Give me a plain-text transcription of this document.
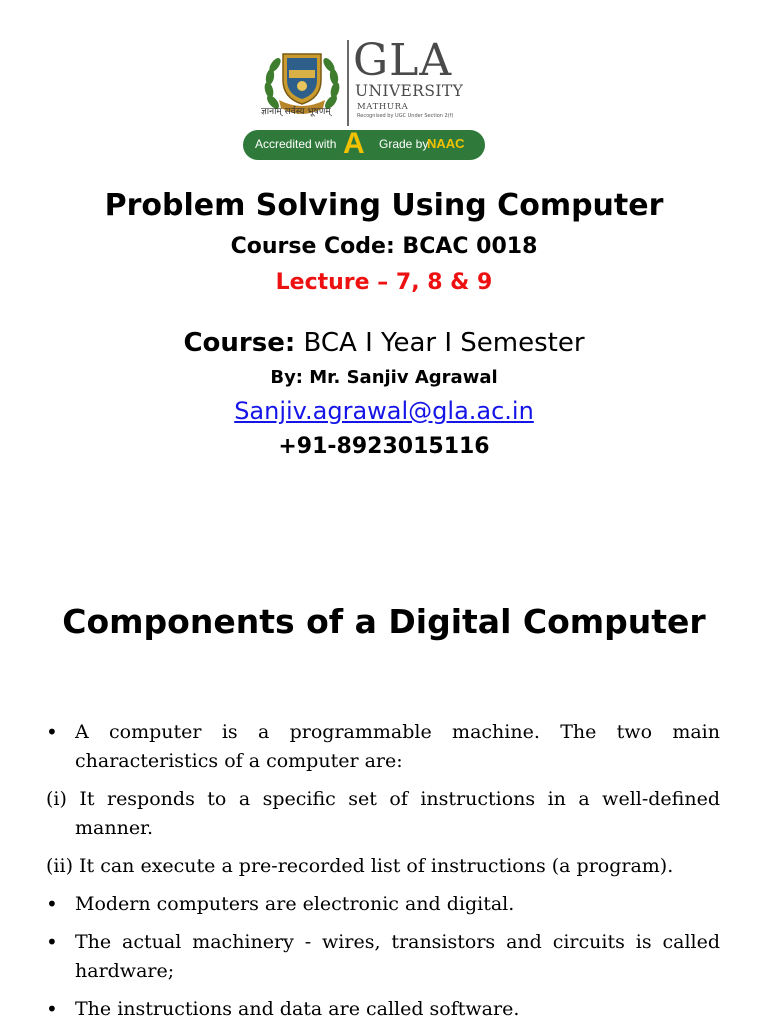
ज्ञानाम् सर्वस्य भूषणम्
GLA
UNIVERSITY
MATHURA
Recognised by UGC Under Section 2(f)
Accredited with A Grade by
NAAC
Problem Solving Using Computer
Course Code: BCAC 0018
Lecture – 7, 8 & 9
Course: BCA I Year I Semester
By: Mr. Sanjiv Agrawal
Sanjiv.agrawal@gla.ac.in
+91-8923015116
Components of a Digital Computer
• A computer is a programmable machine. The two main characteristics of a computer are:
(i) It responds to a specific set of instructions in a well-defined manner.
(ii) It can execute a pre-recorded list of instructions (a program).
• Modern computers are electronic and digital.
• The actual machinery - wires, transistors and circuits is called hardware;
• The instructions and data are called software.
